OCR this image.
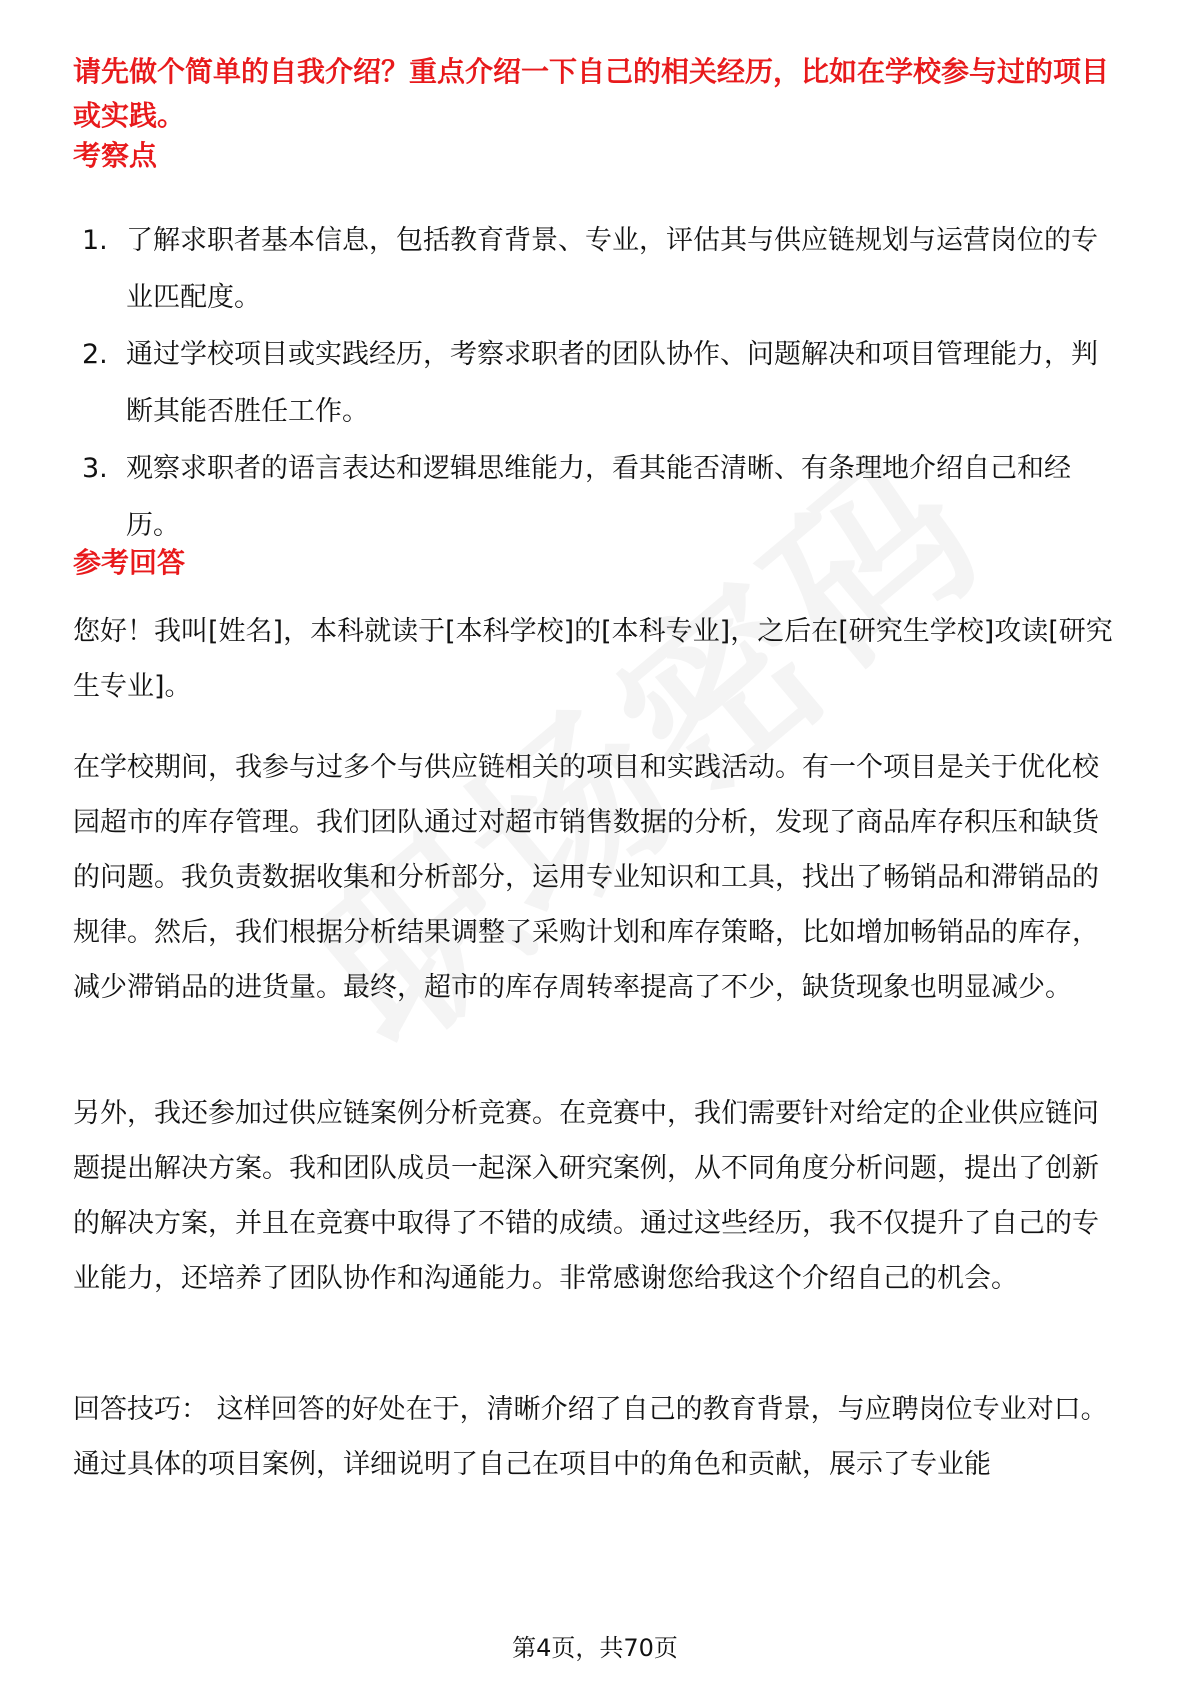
请先做个简单的自我介绍？重点介绍一下自己的相关经历，比如在学校参与过的项目或实践。
考察点
1. 了解求职者基本信息，包括教育背景、专业，评估其与供应链规划与运营岗位的专业匹配度。
2. 通过学校项目或实践经历，考察求职者的团队协作、问题解决和项目管理能力，判断其能否胜任工作。
3. 观察求职者的语言表达和逻辑思维能力，看其能否清晰、有条理地介绍自己和经历。
参考回答

您好！我叫[姓名]，本科就读于[本科学校]的[本科专业]，之后在[研究生学校]攻读[研究生专业]。

在学校期间，我参与过多个与供应链相关的项目和实践活动。有一个项目是关于优化校园超市的库存管理。我们团队通过对超市销售数据的分析，发现了商品库存积压和缺货的问题。我负责数据收集和分析部分，运用专业知识和工具，找出了畅销品和滞销品的规律。然后，我们根据分析结果调整了采购计划和库存策略，比如增加畅销品的库存，减少滞销品的进货量。最终，超市的库存周转率提高了不少，缺货现象也明显减少。

另外，我还参加过供应链案例分析竞赛。在竞赛中，我们需要针对给定的企业供应链问题提出解决方案。我和团队成员一起深入研究案例，从不同角度分析问题，提出了创新的解决方案，并且在竞赛中取得了不错的成绩。通过这些经历，我不仅提升了自己的专业能力，还培养了团队协作和沟通能力。非常感谢您给我这个介绍自己的机会。

回答技巧： 这样回答的好处在于，清晰介绍了自己的教育背景，与应聘岗位专业对口。通过具体的项目案例，详细说明了自己在项目中的角色和贡献，展示了专业能

第4页，共70页
